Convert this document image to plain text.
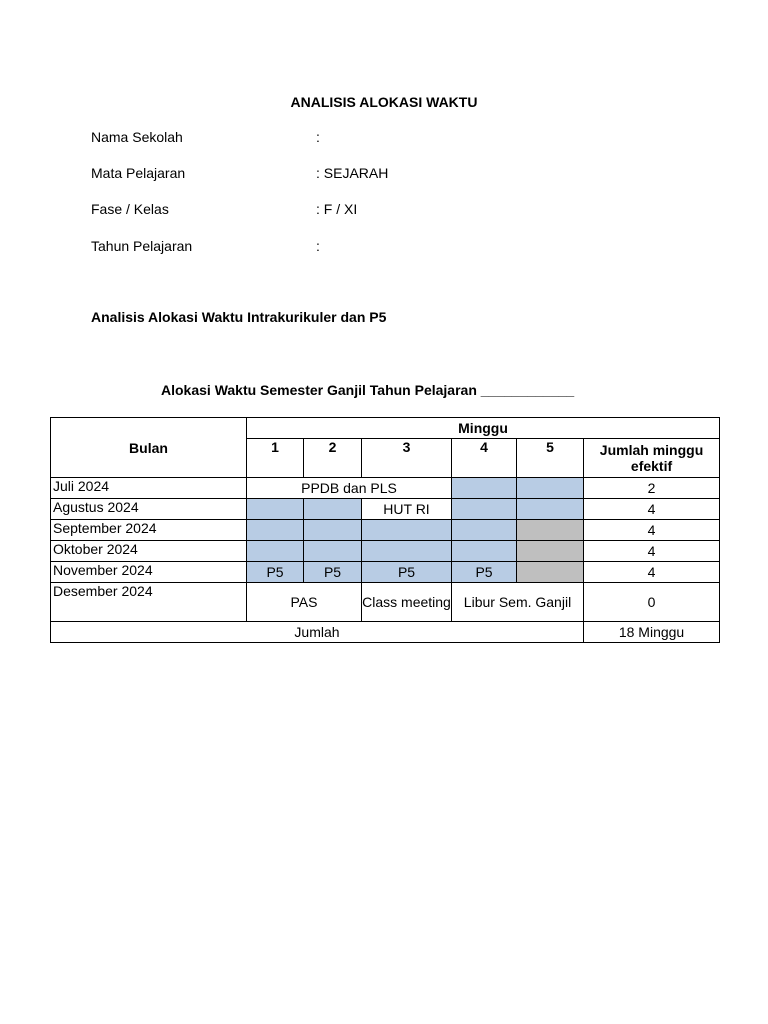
ANALISIS ALOKASI WAKTU
Nama Sekolah	:
Mata Pelajaran	: SEJARAH
Fase / Kelas	: F / XI
Tahun Pelajaran	:
Analisis Alokasi Waktu Intrakurikuler dan P5
Alokasi Waktu Semester Ganjil Tahun Pelajaran ____________
Bulan	Minggu					
	1	2	3	4	5	Jumlah minggu efektif
Juli 2024	PPDB dan PLS					2
Agustus 2024			HUT RI			4
September 2024						4
Oktober 2024						4
November 2024	P5	P5	P5	P5		4
Desember 2024	PAS		Class meeting	Libur Sem. Ganjil		0
Jumlah						18 Minggu
